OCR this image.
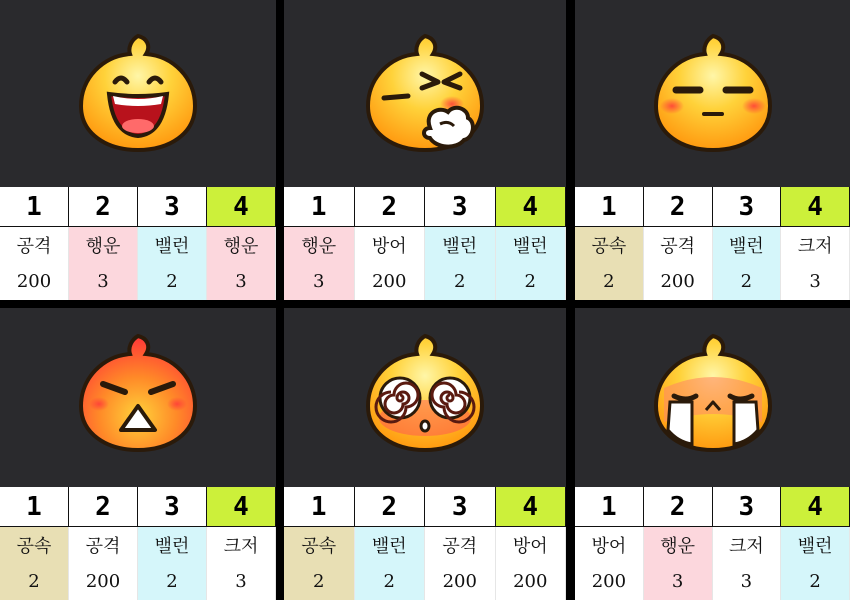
1	2	3	4
공격	행운	밸런	행운
200	3	2	3
1	2	3	4
행운	방어	밸런	밸런
3	200	2	2
1	2	3	4
공속	공격	밸런	크저
2	200	2	3
1	2	3	4
공속	공격	밸런	크저
2	200	2	3
1	2	3	4
공속	밸런	공격	방어
2	2	200	200
1	2	3	4
방어	행운	크저	밸런
200	3	3	2
